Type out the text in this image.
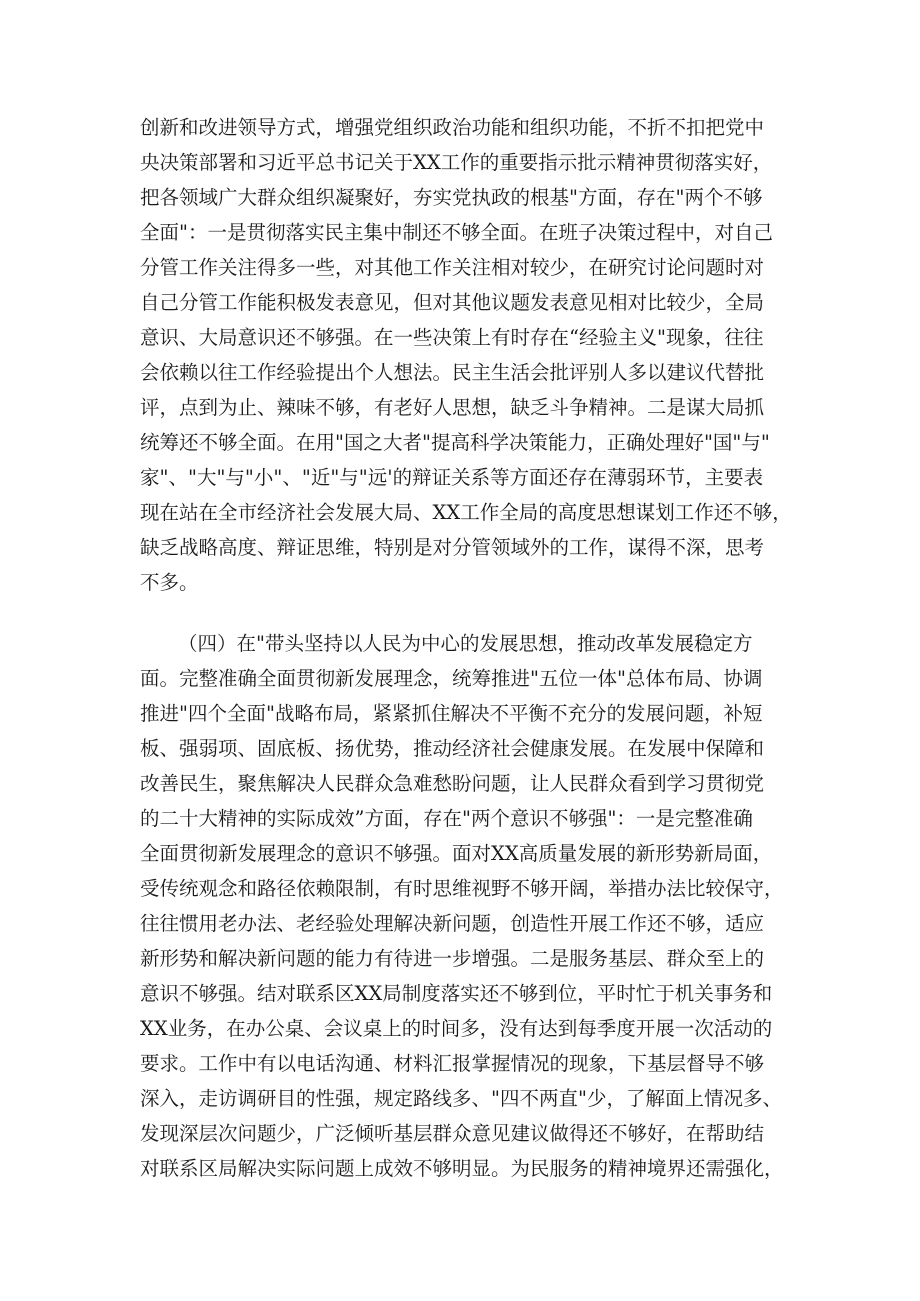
创新和改进领导方式，增强党组织政治功能和组织功能，不折不扣把党中
央决策部署和习近平总书记关于XX工作的重要指示批示精神贯彻落实好，
把各领域广大群众组织凝聚好，夯实党执政的根基"方面，存在"两个不够
全面"：一是贯彻落实民主集中制还不够全面。在班子决策过程中，对自己
分管工作关注得多一些，对其他工作关注相对较少，在研究讨论问题时对
自己分管工作能积极发表意见，但对其他议题发表意见相对比较少，全局
意识、大局意识还不够强。在一些决策上有时存在“经验主义"现象，往往
会依赖以往工作经验提出个人想法。民主生活会批评别人多以建议代替批
评，点到为止、辣味不够，有老好人思想，缺乏斗争精神。二是谋大局抓
统筹还不够全面。在用"国之大者"提高科学决策能力，正确处理好"国"与"
家"、"大"与"小"、"近"与"远'的辩证关系等方面还存在薄弱环节，主要表
现在站在全市经济社会发展大局、XX工作全局的高度思想谋划工作还不够，
缺乏战略高度、辩证思维，特别是对分管领域外的工作，谋得不深，思考
不多。
（四）在"带头坚持以人民为中心的发展思想，推动改革发展稳定方
面。完整准确全面贯彻新发展理念，统筹推进"五位一体"总体布局、协调
推进"四个全面"战略布局，紧紧抓住解决不平衡不充分的发展问题，补短
板、强弱项、固底板、扬优势，推动经济社会健康发展。在发展中保障和
改善民生，聚焦解决人民群众急难愁盼问题，让人民群众看到学习贯彻党
的二十大精神的实际成效”方面，存在"两个意识不够强"：一是完整准确
全面贯彻新发展理念的意识不够强。面对XX高质量发展的新形势新局面，
受传统观念和路径依赖限制，有时思维视野不够开阔，举措办法比较保守，
往往惯用老办法、老经验处理解决新问题，创造性开展工作还不够，适应
新形势和解决新问题的能力有待进一步增强。二是服务基层、群众至上的
意识不够强。结对联系区XX局制度落实还不够到位，平时忙于机关事务和
XX业务，在办公桌、会议桌上的时间多，没有达到每季度开展一次活动的
要求。工作中有以电话沟通、材料汇报掌握情况的现象，下基层督导不够
深入，走访调研目的性强，规定路线多、"四不两直"少，了解面上情况多、
发现深层次问题少，广泛倾听基层群众意见建议做得还不够好，在帮助结
对联系区局解决实际问题上成效不够明显。为民服务的精神境界还需强化，
